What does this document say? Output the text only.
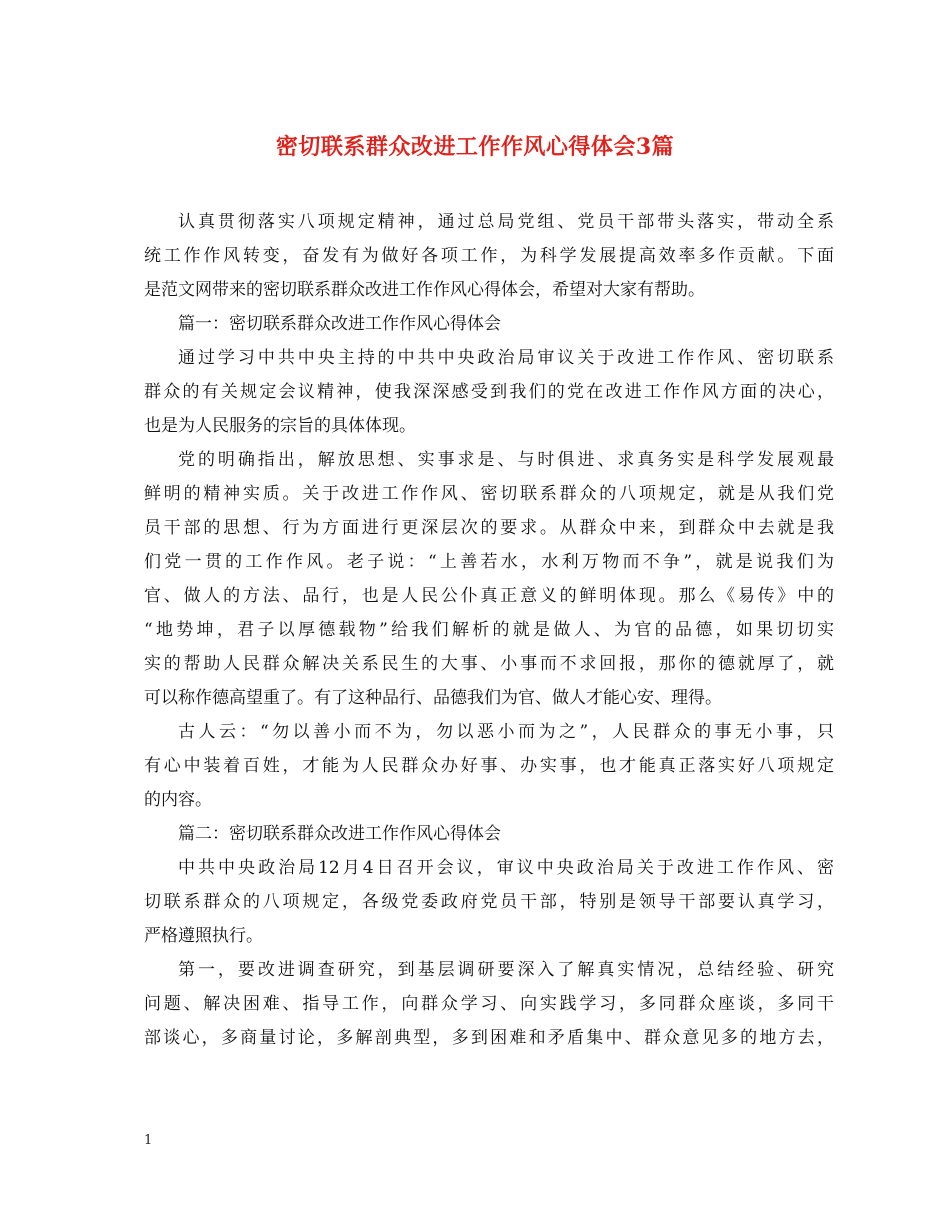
密切联系群众改进工作作风心得体会3篇
认真贯彻落实八项规定精神，通过总局党组、党员干部带头落实，带动全系
统工作作风转变，奋发有为做好各项工作，为科学发展提高效率多作贡献。下面
是范文网带来的密切联系群众改进工作作风心得体会，希望对大家有帮助。
篇一：密切联系群众改进工作作风心得体会
通过学习中共中央主持的中共中央政治局审议关于改进工作作风、密切联系
群众的有关规定会议精神，使我深深感受到我们的党在改进工作作风方面的决心，
也是为人民服务的宗旨的具体体现。
党的明确指出，解放思想、实事求是、与时俱进、求真务实是科学发展观最
鲜明的精神实质。关于改进工作作风、密切联系群众的八项规定，就是从我们党
员干部的思想、行为方面进行更深层次的要求。从群众中来，到群众中去就是我
们党一贯的工作作风。老子说：“上善若水，水利万物而不争”，就是说我们为
官、做人的方法、品行，也是人民公仆真正意义的鲜明体现。那么《易传》中的
“地势坤，君子以厚德载物”给我们解析的就是做人、为官的品德，如果切切实
实的帮助人民群众解决关系民生的大事、小事而不求回报，那你的德就厚了，就
可以称作德高望重了。有了这种品行、品德我们为官、做人才能心安、理得。
古人云：“勿以善小而不为，勿以恶小而为之”，人民群众的事无小事，只
有心中装着百姓，才能为人民群众办好事、办实事，也才能真正落实好八项规定
的内容。
篇二：密切联系群众改进工作作风心得体会
中共中央政治局12月4日召开会议，审议中央政治局关于改进工作作风、密
切联系群众的八项规定，各级党委政府党员干部，特别是领导干部要认真学习，
严格遵照执行。
第一，要改进调查研究，到基层调研要深入了解真实情况，总结经验、研究
问题、解决困难、指导工作，向群众学习、向实践学习，多同群众座谈，多同干
部谈心，多商量讨论，多解剖典型，多到困难和矛盾集中、群众意见多的地方去，
1
